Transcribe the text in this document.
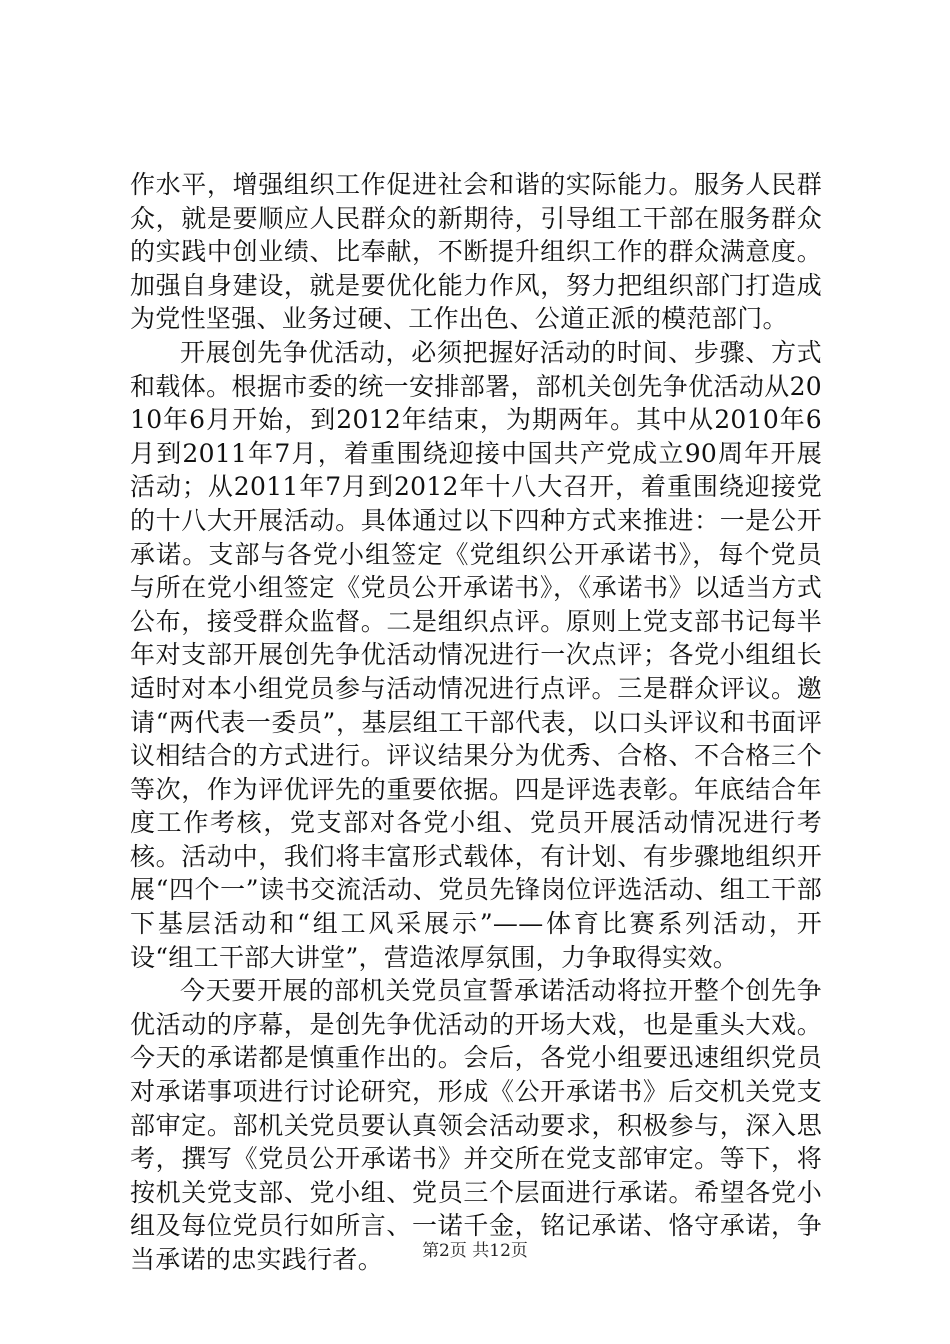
作水平，增强组织工作促进社会和谐的实际能力。服务人民群众，就是要顺应人民群众的新期待，引导组工干部在服务群众的实践中创业绩、比奉献，不断提升组织工作的群众满意度。加强自身建设，就是要优化能力作风，努力把组织部门打造成为党性坚强、业务过硬、工作出色、公道正派的模范部门。

开展创先争优活动，必须把握好活动的时间、步骤、方式和载体。根据市委的统一安排部署，部机关创先争优活动从2010年6月开始，到2012年结束，为期两年。其中从2010年6月到2011年7月，着重围绕迎接中国共产党成立90周年开展活动；从2011年7月到2012年十八大召开，着重围绕迎接党的十八大开展活动。具体通过以下四种方式来推进：一是公开承诺。支部与各党小组签定《党组织公开承诺书》，每个党员与所在党小组签定《党员公开承诺书》，《承诺书》以适当方式公布，接受群众监督。二是组织点评。原则上党支部书记每半年对支部开展创先争优活动情况进行一次点评；各党小组组长适时对本小组党员参与活动情况进行点评。三是群众评议。邀请“两代表一委员”，基层组工干部代表，以口头评议和书面评议相结合的方式进行。评议结果分为优秀、合格、不合格三个等次，作为评优评先的重要依据。四是评选表彰。年底结合年度工作考核，党支部对各党小组、党员开展活动情况进行考核。活动中，我们将丰富形式载体，有计划、有步骤地组织开展“四个一”读书交流活动、党员先锋岗位评选活动、组工干部下基层活动和“组工风采展示”——体育比赛系列活动，开设“组工干部大讲堂”，营造浓厚氛围，力争取得实效。

今天要开展的部机关党员宣誓承诺活动将拉开整个创先争优活动的序幕，是创先争优活动的开场大戏，也是重头大戏。今天的承诺都是慎重作出的。会后，各党小组要迅速组织党员对承诺事项进行讨论研究，形成《公开承诺书》后交机关党支部审定。部机关党员要认真领会活动要求，积极参与，深入思考，撰写《党员公开承诺书》并交所在党支部审定。等下，将按机关党支部、党小组、党员三个层面进行承诺。希望各党小组及每位党员行如所言、一诺千金，铭记承诺、恪守承诺，争当承诺的忠实践行者。	第2页 共12页
